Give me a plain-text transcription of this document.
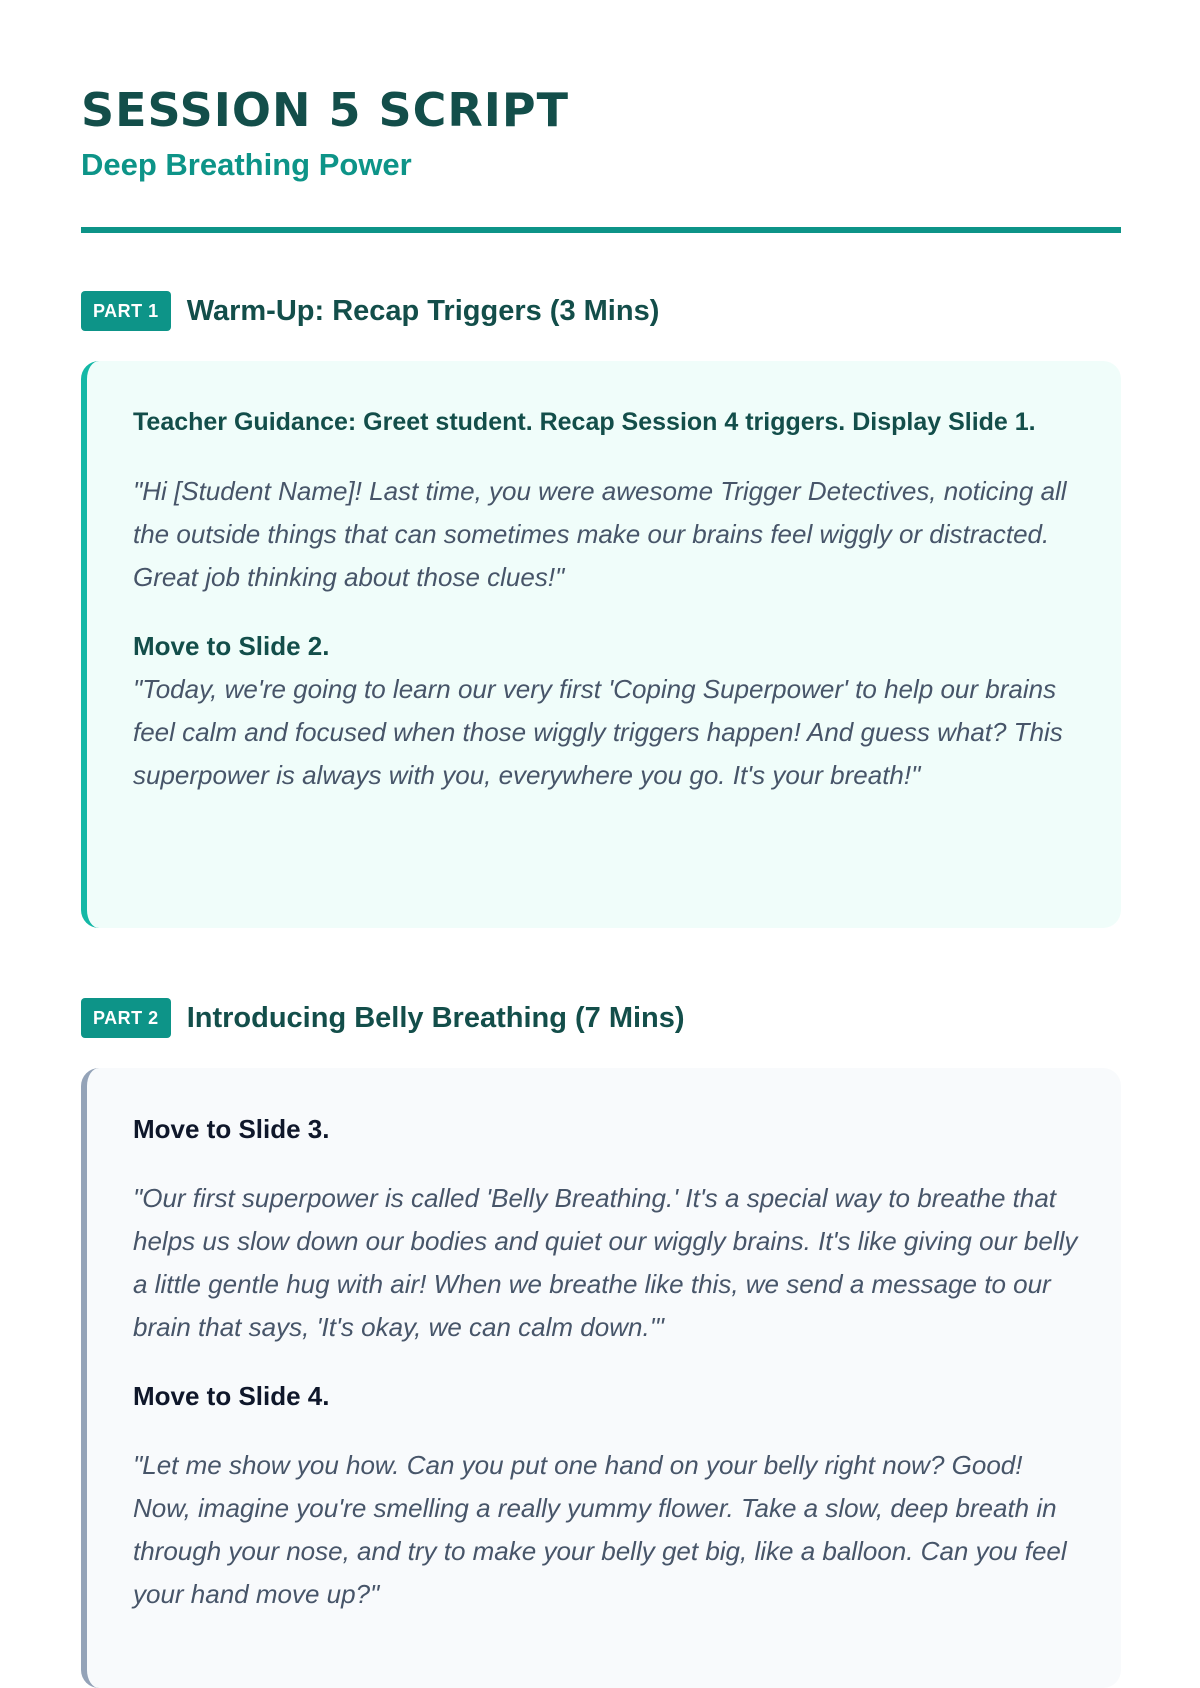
SESSION 5 SCRIPT
Deep Breathing Power
PART 1 Warm-Up: Recap Triggers (3 Mins)

Teacher Guidance: Greet student. Recap Session 4 triggers. Display Slide 1.

"Hi [Student Name]! Last time, you were awesome Trigger Detectives, noticing all the outside things that can sometimes make our brains feel wiggly or distracted. Great job thinking about those clues!"

Move to Slide 2.

"Today, we're going to learn our very first 'Coping Superpower' to help our brains feel calm and focused when those wiggly triggers happen! And guess what? This superpower is always with you, everywhere you go. It's your breath!"

PART 2 Introducing Belly Breathing (7 Mins)

Move to Slide 3.

"Our first superpower is called 'Belly Breathing.' It's a special way to breathe that helps us slow down our bodies and quiet our wiggly brains. It's like giving our belly a little gentle hug with air! When we breathe like this, we send a message to our brain that says, 'It's okay, we can calm down.'"

Move to Slide 4.

"Let me show you how. Can you put one hand on your belly right now? Good! Now, imagine you're smelling a really yummy flower. Take a slow, deep breath in through your nose, and try to make your belly get big, like a balloon. Can you feel your hand move up?"
